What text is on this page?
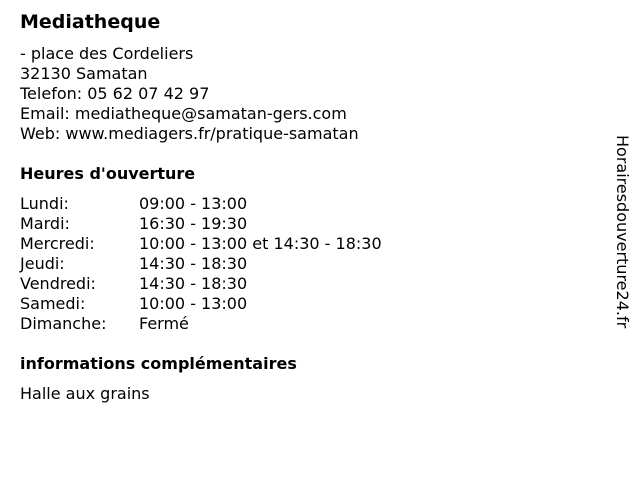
Mediatheque
- place des Cordeliers
32130 Samatan
Telefon: 05 62 07 42 97
Email: mediatheque@samatan-gers.com
Web: www.mediagers.fr/pratique-samatan
Heures d'ouverture
Lundi:	09:00 - 13:00
Mardi:	16:30 - 19:30
Mercredi:	10:00 - 13:00 et 14:30 - 18:30
Jeudi:	14:30 - 18:30
Vendredi:	14:30 - 18:30
Samedi:	10:00 - 13:00
Dimanche:	Fermé
informations complémentaires
Halle aux grains
Horairesdouverture24.fr
